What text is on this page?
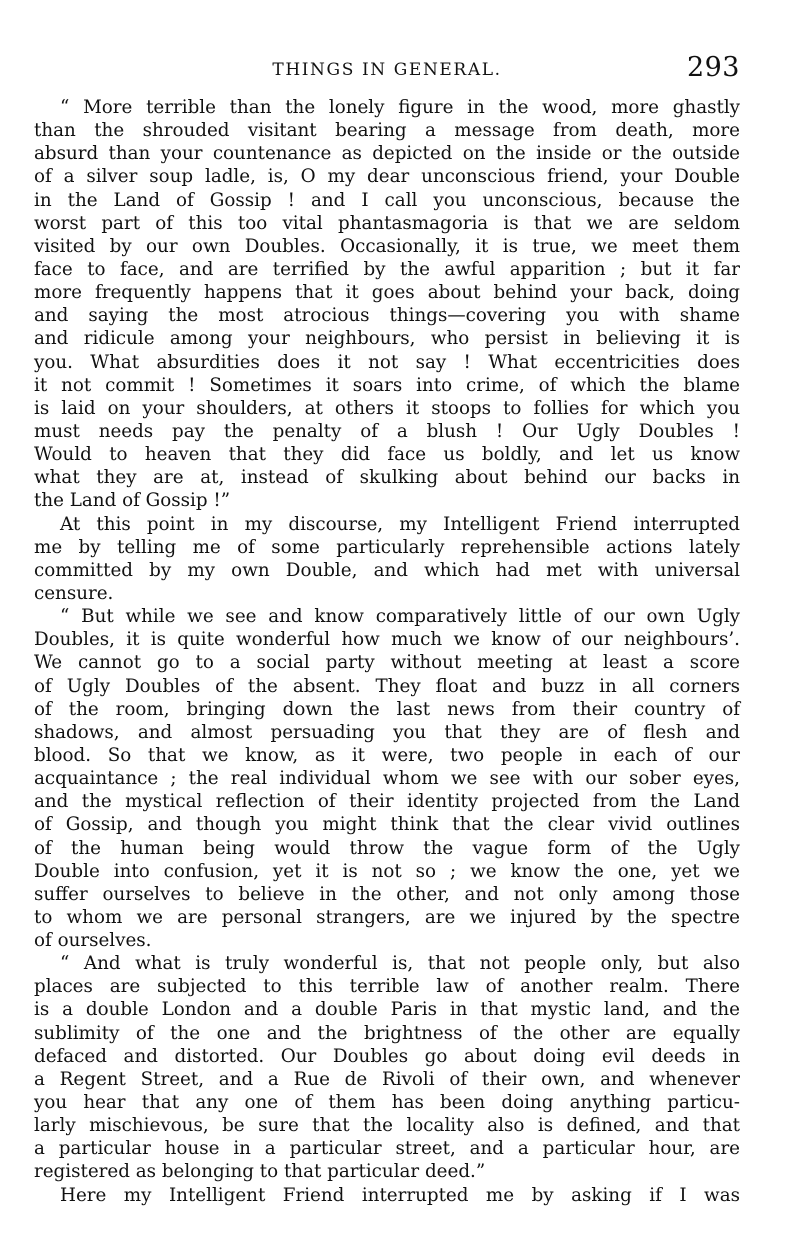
THINGS IN GENERAL.	293
“ More terrible than the lonely figure in the wood, more ghastly
than the shrouded visitant bearing a message from death, more
absurd than your countenance as depicted on the inside or the outside
of a silver soup ladle, is, O my dear unconscious friend, your Double
in the Land of Gossip ! and I call you unconscious, because the
worst part of this too vital phantasmagoria is that we are seldom
visited by our own Doubles. Occasionally, it is true, we meet them
face to face, and are terrified by the awful apparition ; but it far
more frequently happens that it goes about behind your back, doing
and saying the most atrocious things—covering you with shame
and ridicule among your neighbours, who persist in believing it is
you. What absurdities does it not say ! What eccentricities does
it not commit ! Sometimes it soars into crime, of which the blame
is laid on your shoulders, at others it stoops to follies for which you
must needs pay the penalty of a blush ! Our Ugly Doubles !
Would to heaven that they did face us boldly, and let us know
what they are at, instead of skulking about behind our backs in
the Land of Gossip !”
At this point in my discourse, my Intelligent Friend interrupted
me by telling me of some particularly reprehensible actions lately
committed by my own Double, and which had met with universal
censure.
“ But while we see and know comparatively little of our own Ugly
Doubles, it is quite wonderful how much we know of our neighbours’.
We cannot go to a social party without meeting at least a score
of Ugly Doubles of the absent. They float and buzz in all corners
of the room, bringing down the last news from their country of
shadows, and almost persuading you that they are of flesh and
blood. So that we know, as it were, two people in each of our
acquaintance ; the real individual whom we see with our sober eyes,
and the mystical reflection of their identity projected from the Land
of Gossip, and though you might think that the clear vivid outlines
of the human being would throw the vague form of the Ugly
Double into confusion, yet it is not so ; we know the one, yet we
suffer ourselves to believe in the other, and not only among those
to whom we are personal strangers, are we injured by the spectre
of ourselves.
“ And what is truly wonderful is, that not people only, but also
places are subjected to this terrible law of another realm. There
is a double London and a double Paris in that mystic land, and the
sublimity of the one and the brightness of the other are equally
defaced and distorted. Our Doubles go about doing evil deeds in
a Regent Street, and a Rue de Rivoli of their own, and whenever
you hear that any one of them has been doing anything particu-
larly mischievous, be sure that the locality also is defined, and that
a particular house in a particular street, and a particular hour, are
registered as belonging to that particular deed.”
Here my Intelligent Friend interrupted me by asking if I was
